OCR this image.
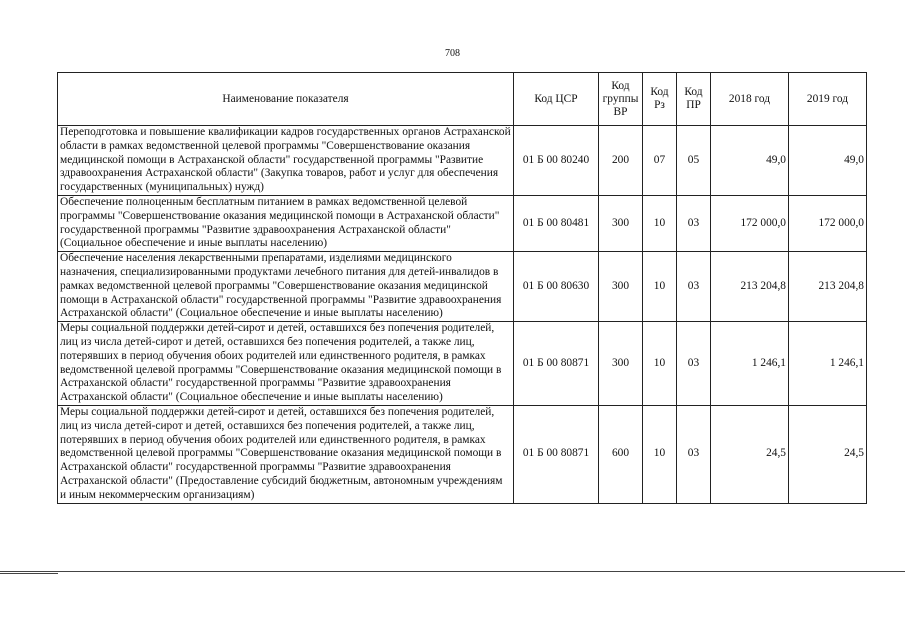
708
Наименование показателя	Код ЦСР	Код группы ВР	Код Рз	Код ПР	2018 год	2019 год
Переподготовка и повышение квалификации кадров государственных органов Астраханской области в рамках ведомственной целевой программы "Совершенствование оказания медицинской помощи в Астраханской области" государственной программы "Развитие здравоохранения Астраханской области" (Закупка товаров, работ и услуг для обеспечения государственных (муниципальных) нужд)	01 Б 00 80240	200	07	05	49,0	49,0
Обеспечение полноценным бесплатным питанием в рамках ведомственной целевой программы "Совершенствование оказания медицинской помощи в Астраханской области" государственной программы "Развитие здравоохранения Астраханской области" (Социальное обеспечение и иные выплаты населению)	01 Б 00 80481	300	10	03	172 000,0	172 000,0
Обеспечение населения лекарственными препаратами, изделиями медицинского назначения, специализированными продуктами лечебного питания для детей-инвалидов в рамках ведомственной целевой программы "Совершенствование оказания медицинской помощи в Астраханской области" государственной программы "Развитие здравоохранения Астраханской области" (Социальное обеспечение и иные выплаты населению)	01 Б 00 80630	300	10	03	213 204,8	213 204,8
Меры социальной поддержки детей-сирот и детей, оставшихся без попечения родителей, лиц из числа детей-сирот и детей, оставшихся без попечения родителей, а также лиц, потерявших в период обучения обоих родителей или единственного родителя, в рамках ведомственной целевой программы "Совершенствование оказания медицинской помощи в Астраханской области" государственной программы "Развитие здравоохранения Астраханской области" (Социальное обеспечение и иные выплаты населению)	01 Б 00 80871	300	10	03	1 246,1	1 246,1
Меры социальной поддержки детей-сирот и детей, оставшихся без попечения родителей, лиц из числа детей-сирот и детей, оставшихся без попечения родителей, а также лиц, потерявших в период обучения обоих родителей или единственного родителя, в рамках ведомственной целевой программы "Совершенствование оказания медицинской помощи в Астраханской области" государственной программы "Развитие здравоохранения Астраханской области" (Предоставление субсидий бюджетным, автономным учреждениям и иным некоммерческим организациям)	01 Б 00 80871	600	10	03	24,5	24,5
